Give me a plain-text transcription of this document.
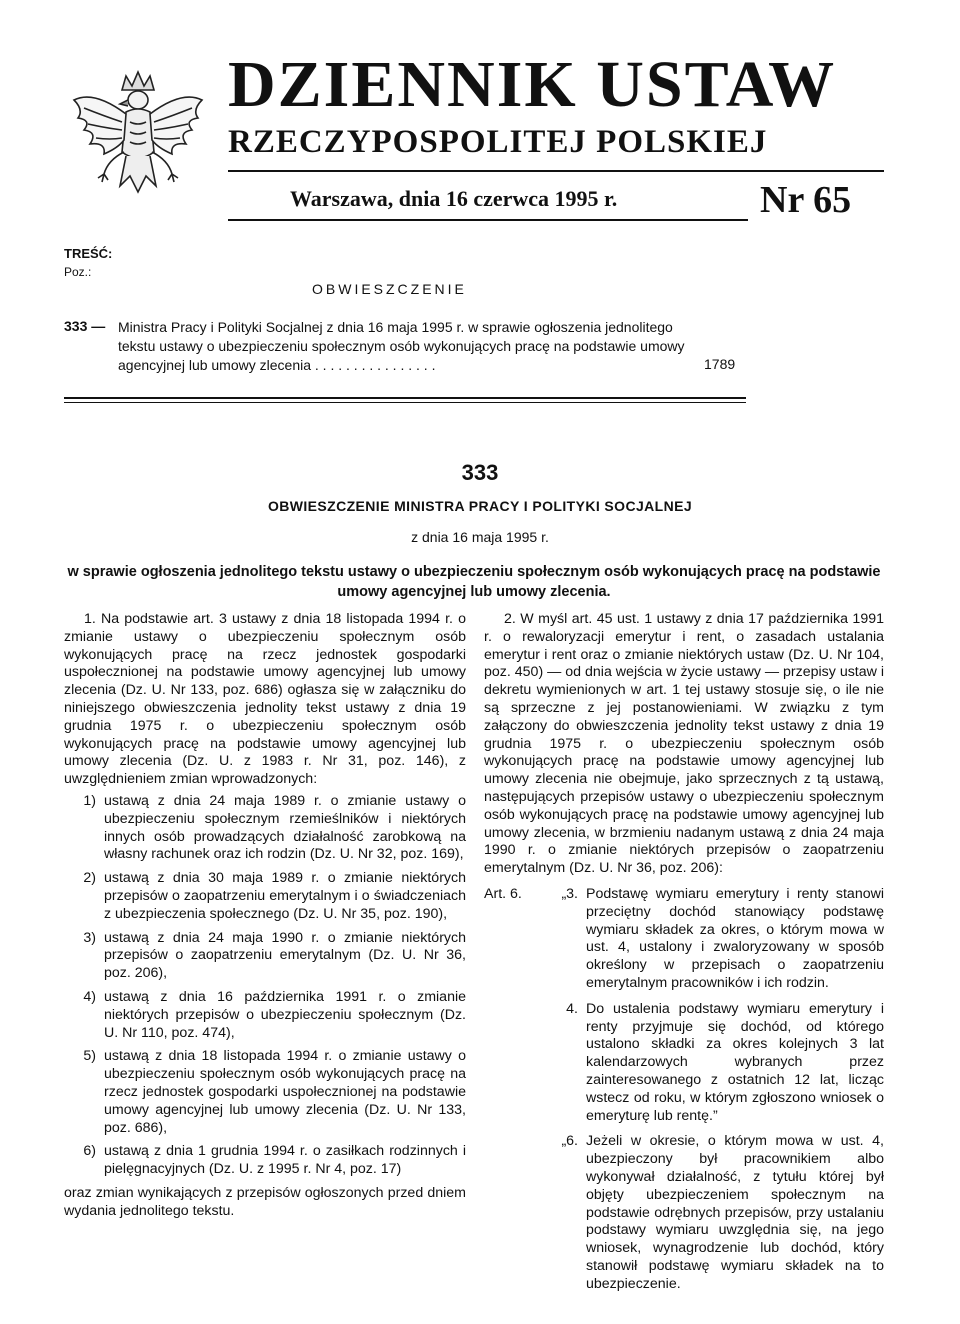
DZIENNIK USTAW
RZECZYPOSPOLITEJ POLSKIEJ
Warszawa, dnia 16 czerwca 1995 r.	Nr 65
TREŚĆ:
Poz.:
OBWIESZCZENIE
333 — Ministra Pracy i Polityki Socjalnej z dnia 16 maja 1995 r. w sprawie ogłoszenia jednolitego tekstu ustawy o ubezpieczeniu społecznym osób wykonujących pracę na podstawie umowy agencyjnej lub umowy zlecenia . . . . . . . . . . . . . . . .	1789
333
OBWIESZCZENIE MINISTRA PRACY I POLITYKI SOCJALNEJ
z dnia 16 maja 1995 r.
w sprawie ogłoszenia jednolitego tekstu ustawy o ubezpieczeniu społecznym osób wykonujących pracę na podstawie umowy agencyjnej lub umowy zlecenia.

1. Na podstawie art. 3 ustawy z dnia 18 listopada 1994 r. o zmianie ustawy o ubezpieczeniu społecznym osób wykonujących pracę na rzecz jednostek gospodarki uspołecznionej na podstawie umowy agencyjnej lub umowy zlecenia (Dz. U. Nr 133, poz. 686) ogłasza się w załączniku do niniejszego obwieszczenia jednolity tekst ustawy z dnia 19 grudnia 1975 r. o ubezpieczeniu społecznym osób wykonujących pracę na podstawie umowy agencyjnej lub umowy zlecenia (Dz. U. z 1983 r. Nr 31, poz. 146), z uwzględnieniem zmian wprowadzonych:

1) ustawą z dnia 24 maja 1989 r. o zmianie ustawy o ubezpieczeniu społecznym rzemieślników i niektórych innych osób prowadzących działalność zarobkową na własny rachunek oraz ich rodzin (Dz. U. Nr 32, poz. 169),
2) ustawą z dnia 30 maja 1989 r. o zmianie niektórych przepisów o zaopatrzeniu emerytalnym i o świadczeniach z ubezpieczenia społecznego (Dz. U. Nr 35, poz. 190),
3) ustawą z dnia 24 maja 1990 r. o zmianie niektórych przepisów o zaopatrzeniu emerytalnym (Dz. U. Nr 36, poz. 206),
4) ustawą z dnia 16 października 1991 r. o zmianie niektórych przepisów o ubezpieczeniu społecznym (Dz. U. Nr 110, poz. 474),
5) ustawą z dnia 18 listopada 1994 r. o zmianie ustawy o ubezpieczeniu społecznym osób wykonujących pracę na rzecz jednostek gospodarki uspołecznionej na podstawie umowy agencyjnej lub umowy zlecenia (Dz. U. Nr 133, poz. 686),
6) ustawą z dnia 1 grudnia 1994 r. o zasiłkach rodzinnych i pielęgnacyjnych (Dz. U. z 1995 r. Nr 4, poz. 17)

oraz zmian wynikających z przepisów ogłoszonych przed dniem wydania jednolitego tekstu.

2. W myśl art. 45 ust. 1 ustawy z dnia 17 października 1991 r. o rewaloryzacji emerytur i rent, o zasadach ustalania emerytur i rent oraz o zmianie niektórych ustaw (Dz. U. Nr 104, poz. 450) — od dnia wejścia w życie ustawy — przepisy ustaw i dekretu wymienionych w art. 1 tej ustawy stosuje się, o ile nie są sprzeczne z jej postanowieniami. W związku z tym załączony do obwieszczenia jednolity tekst ustawy z dnia 19 grudnia 1975 r. o ubezpieczeniu społecznym osób wykonujących pracę na podstawie umowy agencyjnej lub umowy zlecenia nie obejmuje, jako sprzecznych z tą ustawą, następujących przepisów ustawy o ubezpieczeniu społecznym osób wykonujących pracę na podstawie umowy agencyjnej lub umowy zlecenia, w brzmieniu nadanym ustawą z dnia 24 maja 1990 r. o zmianie niektórych przepisów o zaopatrzeniu emerytalnym (Dz. U. Nr 36, poz. 206):

Art. 6.	„3. Podstawę wymiaru emerytury i renty stanowi przeciętny dochód stanowiący podstawę wymiaru składek za okres, o którym mowa w ust. 4, ustalony i zwaloryzowany w sposób określony w przepisach o zaopatrzeniu emerytalnym pracowników i ich rodzin.
4. Do ustalenia podstawy wymiaru emerytury i renty przyjmuje się dochód, od którego ustalono składki za okres kolejnych 3 lat kalendarzowych wybranych przez zainteresowanego z ostatnich 12 lat, licząc wstecz od roku, w którym zgłoszono wniosek o emeryturę lub rentę.”
„6. Jeżeli w okresie, o którym mowa w ust. 4, ubezpieczony był pracownikiem albo wykonywał działalność, z tytułu której był objęty ubezpieczeniem społecznym na podstawie odrębnych przepisów, przy ustalaniu podstawy wymiaru uwzględnia się, na jego wniosek, wynagrodzenie lub dochód, który stanowił podstawę wymiaru składek na to ubezpieczenie.
